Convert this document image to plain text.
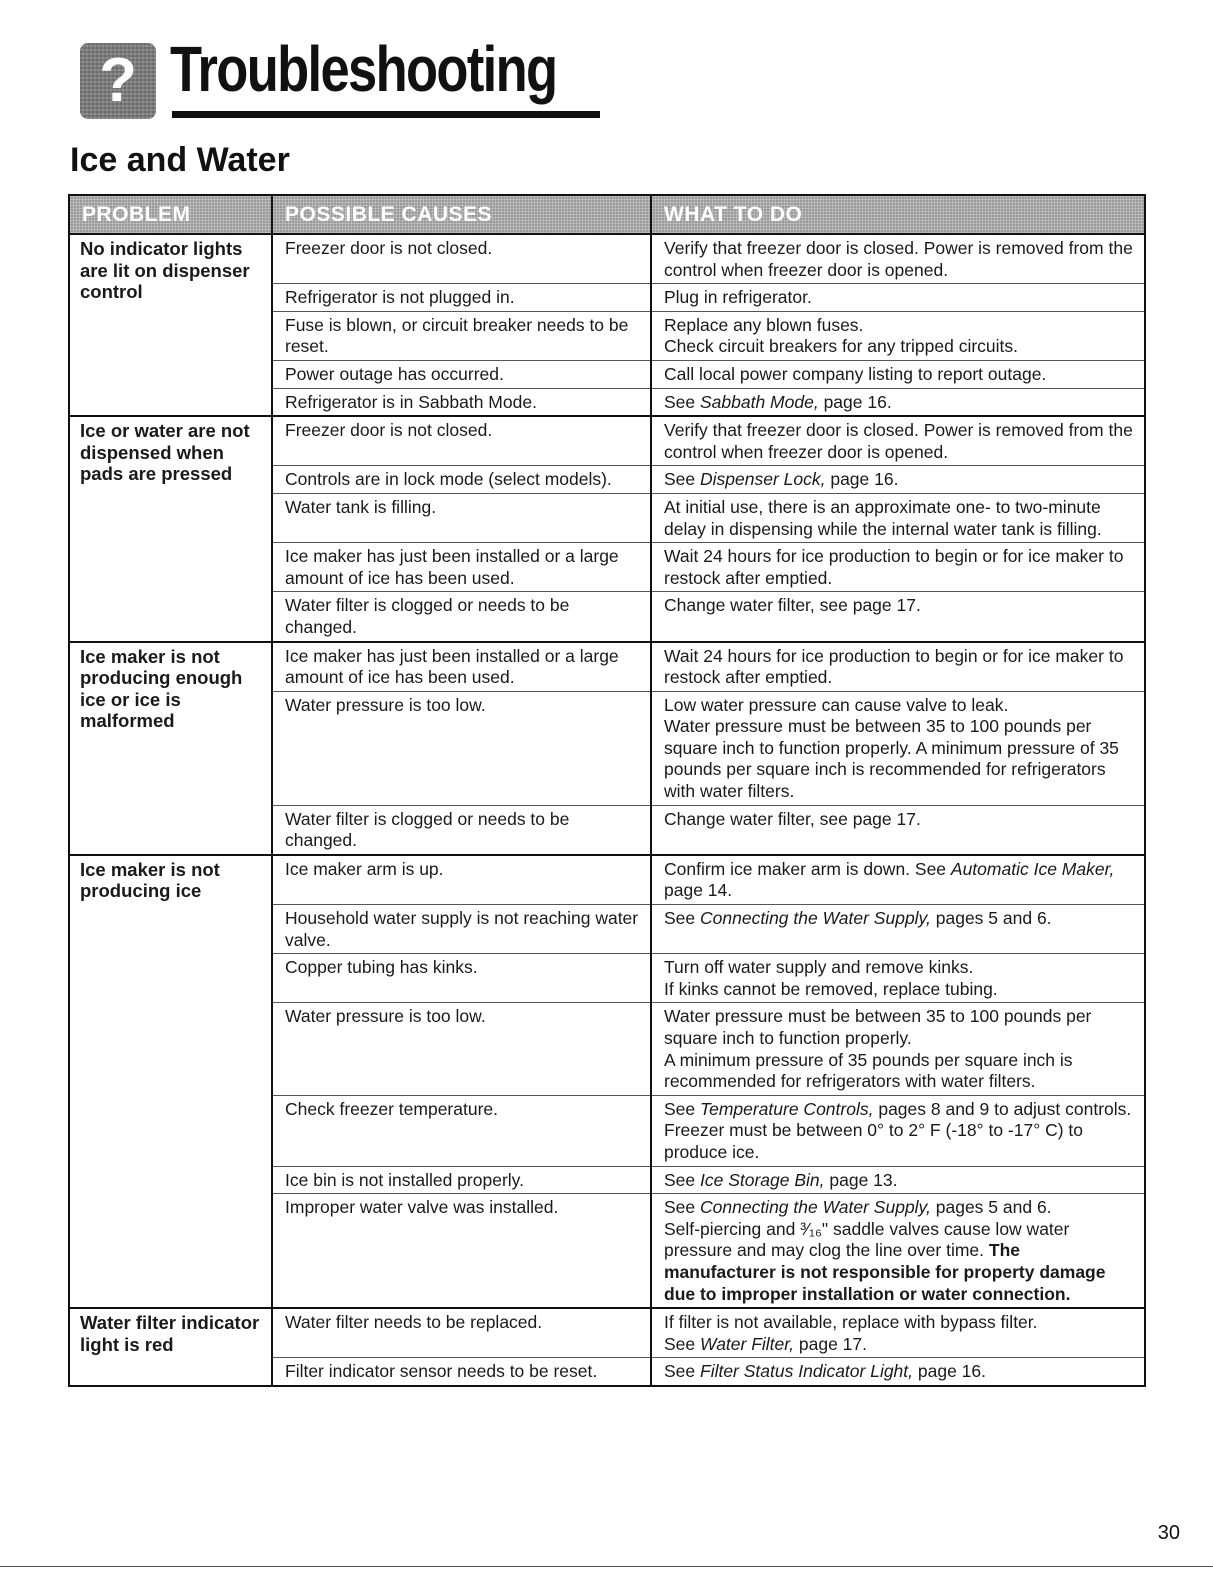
? Troubleshooting
Ice and Water
PROBLEM	POSSIBLE CAUSES	WHAT TO DO
No indicator lights are lit on dispenser control	Freezer door is not closed.	Verify that freezer door is closed. Power is removed from the control when freezer door is opened.

	Refrigerator is not plugged in.	Plug in refrigerator.

	Fuse is blown, or circuit breaker needs to be reset.	Replace any blown fuses.
Check circuit breakers for any tripped circuits.

	Power outage has occurred.	Call local power company listing to report outage.

	Refrigerator is in Sabbath Mode.	See Sabbath Mode, page 16.

Ice or water are not dispensed when pads are pressed	Freezer door is not closed.	Verify that freezer door is closed. Power is removed from the control when freezer door is opened.

	Controls are in lock mode (select models).	See Dispenser Lock, page 16.

	Water tank is filling.	At initial use, there is an approximate one- to two-minute delay in dispensing while the internal water tank is filling.

	Ice maker has just been installed or a large amount of ice has been used.	Wait 24 hours for ice production to begin or for ice maker to restock after emptied.

	Water filter is clogged or needs to be changed.	Change water filter, see page 17.

Ice maker is not producing enough ice or ice is malformed	Ice maker has just been installed or a large amount of ice has been used.	Wait 24 hours for ice production to begin or for ice maker to restock after emptied.

	Water pressure is too low.	Low water pressure can cause valve to leak.
Water pressure must be between 35 to 100 pounds per square inch to function properly. A minimum pressure of 35 pounds per square inch is recommended for refrigerators with water filters.

	Water filter is clogged or needs to be changed.	Change water filter, see page 17.

Ice maker is not producing ice	Ice maker arm is up.	Confirm ice maker arm is down. See Automatic Ice Maker, page 14.

	Household water supply is not reaching water valve.	See Connecting the Water Supply, pages 5 and 6.

	Copper tubing has kinks.	Turn off water supply and remove kinks.
If kinks cannot be removed, replace tubing.

	Water pressure is too low.	Water pressure must be between 35 to 100 pounds per square inch to function properly.
A minimum pressure of 35 pounds per square inch is recommended for refrigerators with water filters.

	Check freezer temperature.	See Temperature Controls, pages 8 and 9 to adjust controls. Freezer must be between 0° to 2° F (-18° to -17° C) to produce ice.

	Ice bin is not installed properly.	See Ice Storage Bin, page 13.

	Improper water valve was installed.	See Connecting the Water Supply, pages 5 and 6.
Self-piercing and ³⁄₁₆" saddle valves cause low water pressure and may clog the line over time. The manufacturer is not responsible for property damage due to improper installation or water connection.

Water filter indicator light is red	Water filter needs to be replaced.	If filter is not available, replace with bypass filter.
See Water Filter, page 17.

	Filter indicator sensor needs to be reset.	See Filter Status Indicator Light, page 16.
30
